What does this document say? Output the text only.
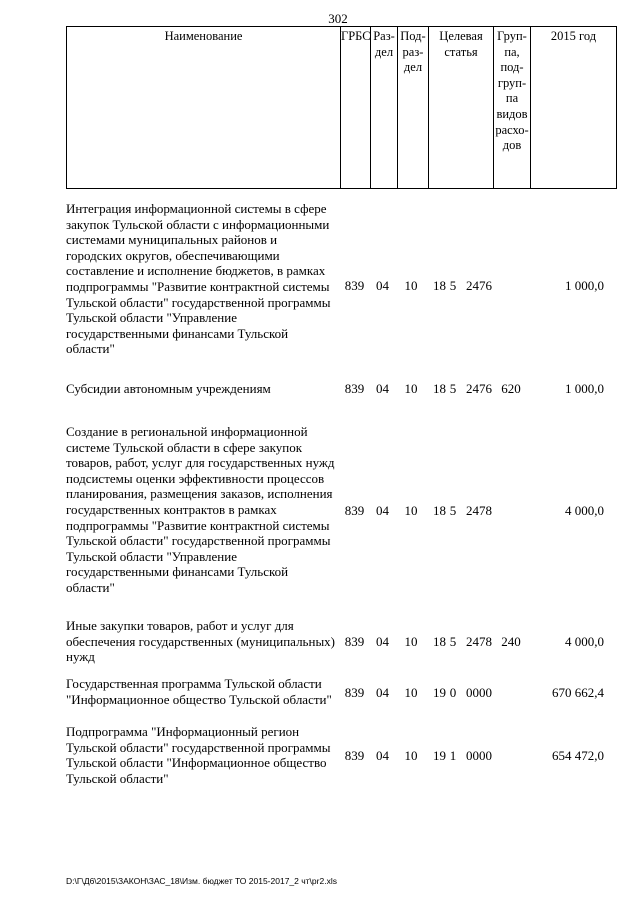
302
Наименование	ГРБС Раз-
дел
Под-
раз-
дел
Целевая
статья
Груп-
па,
под-
груп-
па
видов
расхо-
дов
2015 год
Интеграция информационной системы в сфере
закупок Тульской области с информационными
системами муниципальных районов и
городских округов, обеспечивающими
составление и исполнение бюджетов, в рамках
подпрограммы "Развитие контрактной системы
Тульской области" государственной программы
Тульской области "Управление
государственными финансами Тульской
области"
839 04	10	18 5 2476	1 000,0
Субсидии автономным учреждениям	839 04	10	18 5 2476 620	1 000,0
Создание в региональной информационной
системе Тульской области в сфере закупок
товаров, работ, услуг для государственных нужд
подсистемы оценки эффективности процессов
планирования, размещения заказов, исполнения
государственных контрактов в рамках
подпрограммы "Развитие контрактной системы
Тульской области" государственной программы
Тульской области "Управление
государственными финансами Тульской
области"
839 04	10	18 5 2478	4 000,0
Иные закупки товаров, работ и услуг для
обеспечения государственных (муниципальных)
нужд
839 04	10	18 5 2478 240	4 000,0
Государственная программа Тульской области
"Информационное общество Тульской области" 839 04	10	19 0 0000	670 662,4
Подпрограмма "Информационный регион
Тульской области" государственной программы
Тульской области "Информационное общество
Тульской области"
839 04	10	19 1 0000	654 472,0
D:\Г\Д6\2015\ЗАКОН\ЗАС_18\Изм. бюджет ТО 2015-2017_2 чт\pr2.xls
